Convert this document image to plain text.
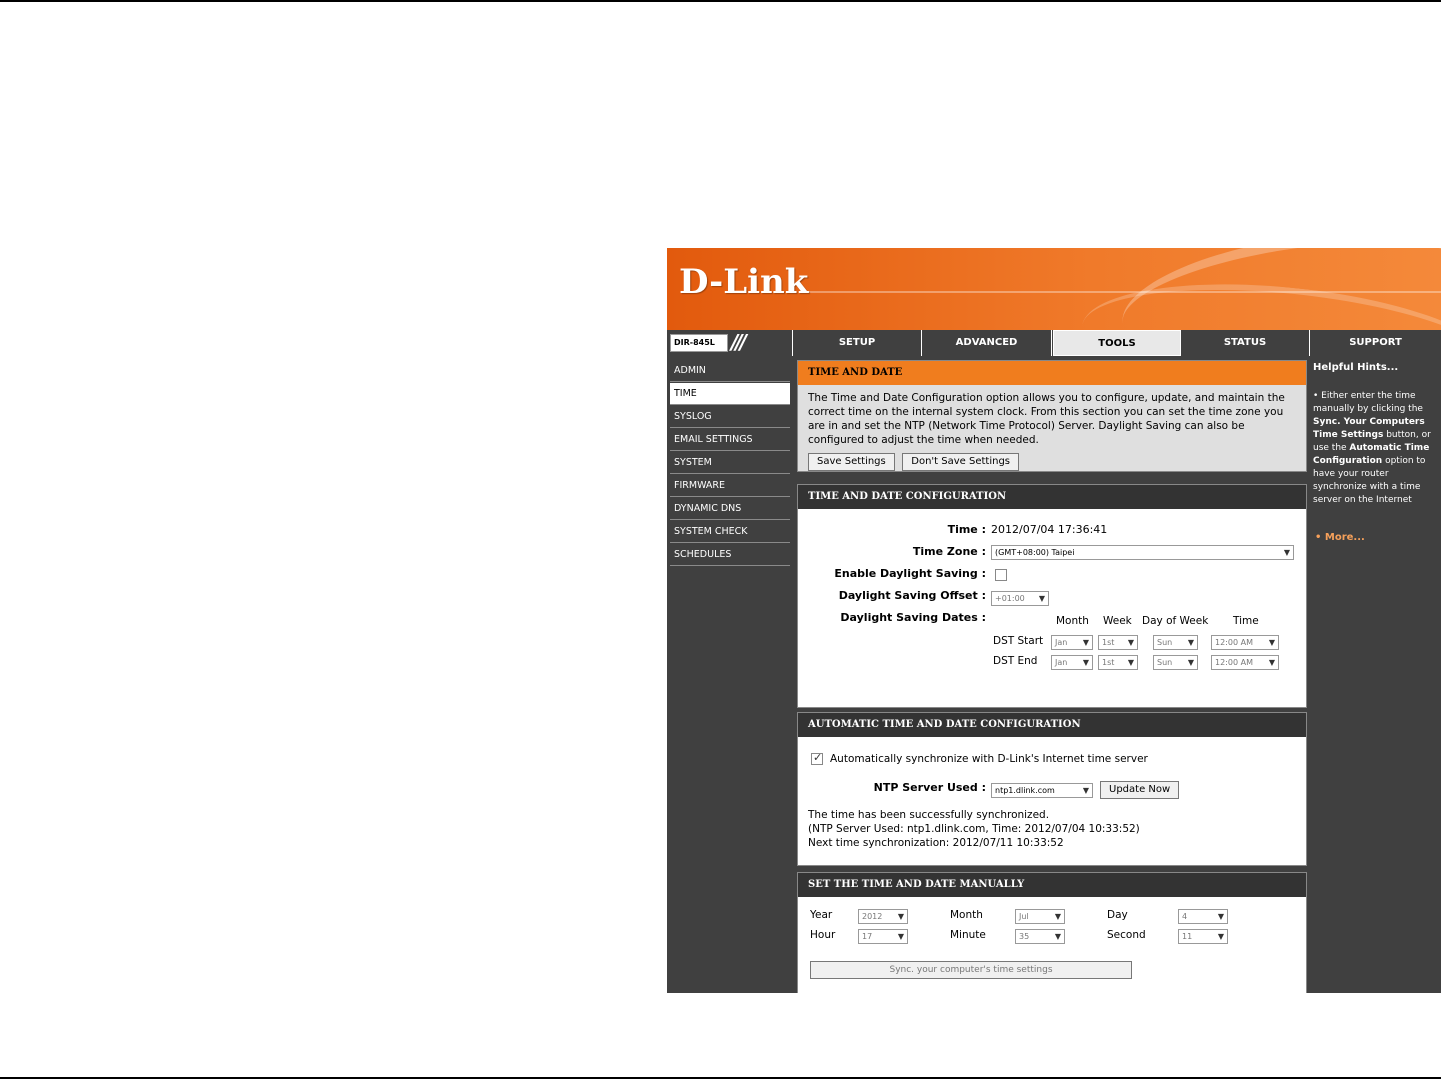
D-Link
DIR-845L ///	SETUP	ADVANCED	TOOLS	STATUS	SUPPORT
ADMIN
TIME
SYSLOG
EMAIL SETTINGS
SYSTEM
FIRMWARE
DYNAMIC DNS
SYSTEM CHECK
SCHEDULES
TIME AND DATE
The Time and Date Configuration option allows you to configure, update, and maintain the correct time on the internal system clock. From this section you can set the time zone you are in and set the NTP (Network Time Protocol) Server. Daylight Saving can also be configured to adjust the time when needed.
Save Settings	Don't Save Settings
TIME AND DATE CONFIGURATION
Time : 2012/07/04 17:36:41
Time Zone :	(GMT+08:00) Taipei	▼
Enable Daylight Saving :
Daylight Saving Offset :	+01:00 ▼
Daylight Saving Dates :	Month Week Day of Week Time
DST Start	Jan ▼	1st ▼	Sun ▼	12:00 AM ▼
DST End	Jan ▼	1st ▼	Sun ▼	12:00 AM ▼
AUTOMATIC TIME AND DATE CONFIGURATION
✓
Automatically synchronize with D-Link's Internet time server
NTP Server Used :	ntp1.dlink.com	▼	Update Now
The time has been successfully synchronized.
(NTP Server Used: ntp1.dlink.com, Time: 2012/07/04 10:33:52)
Next time synchronization: 2012/07/11 10:33:52
SET THE TIME AND DATE MANUALLY
Year	2012 ▼	Month	Jul	▼	Day	4	▼
Hour	17	▼	Minute	35	▼	Second	11	▼
Sync. your computer's time settings
Helpful Hints...
• Either enter the time manually by clicking the Sync. Your Computers Time Settings button, or use the Automatic Time Configuration option to have your router synchronize with a time server on the Internet
• More...
